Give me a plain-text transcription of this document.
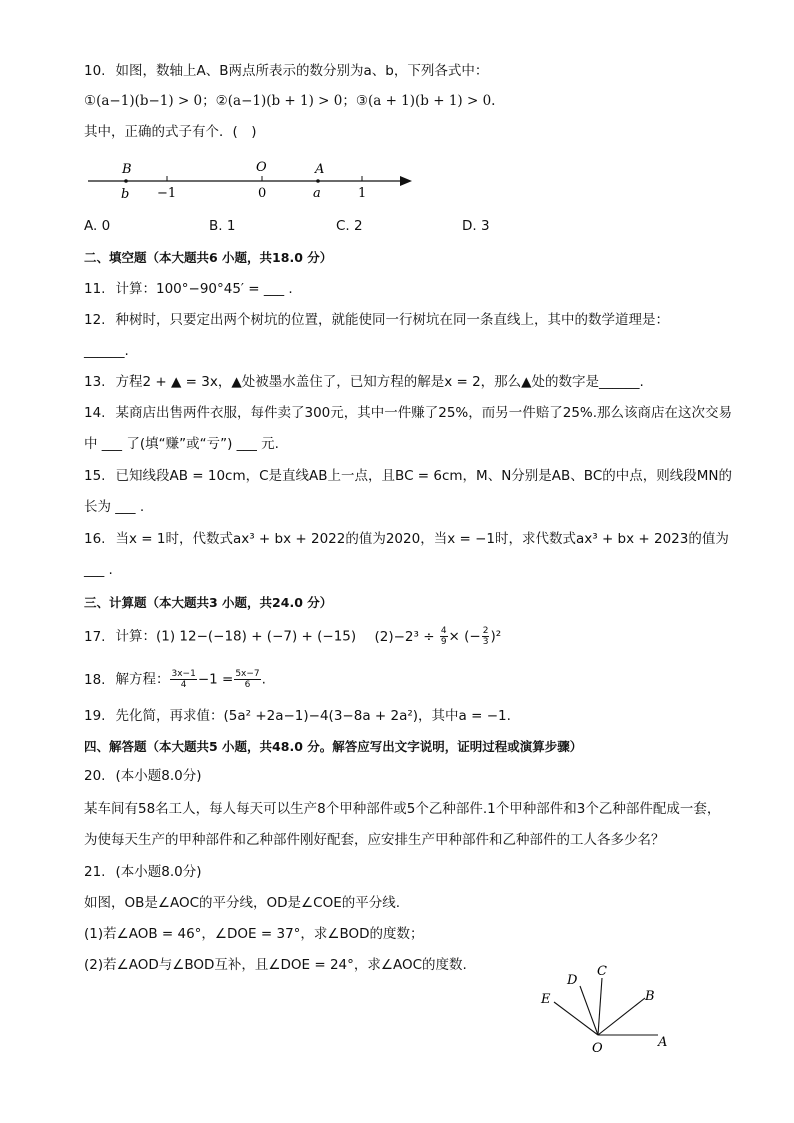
10. 如图，数轴上A、B两点所表示的数分别为a、b，下列各式中：
①(a−1)(b−1) > 0；②(a−1)(b + 1) > 0；③(a + 1)(b + 1) > 0.
其中，正确的式子有个．(　)
B	O	A
b −1	0	a	1
A. 0	B. 1	C. 2	D. 3
二、填空题（本大题共6 小题，共18.0 分）
11. 计算：100°−90°45′ = ___ .
12. 种树时，只要定出两个树坑的位置，就能使同一行树坑在同一条直线上，其中的数学道理是：
______.
13. 方程2 + ▲ = 3x，▲处被墨水盖住了，已知方程的解是x = 2，那么▲处的数字是______.
14. 某商店出售两件衣服，每件卖了300元，其中一件赚了25%，而另一件赔了25%.那么该商店在这次交易
中 ___ 了(填“赚”或“亏”) ___ 元.
15. 已知线段AB = 10cm，C是直线AB上一点，且BC = 6cm，M、N分别是AB、BC的中点，则线段MN的
长为 ___ .
16. 当x = 1时，代数式ax³ + bx + 2022的值为2020，当x = −1时，求代数式ax³ + bx + 2023的值为
___ .
三、计算题（本大题共3 小题，共24.0 分）
17. 计算：(1) 12−(−18) + (−7) + (−15) $(2)-2^3 \div \frac{4}{9}$ × (− $\frac{2}{3} )^2$
18. 解方程： $\frac{3x-1}{4} -1 = \frac{5x-7}{6}$ .
19. 先化简，再求值：(5a² +2a−1)−4(3−8a + 2a²)，其中a = −1.
四、解答题（本大题共5 小题，共48.0 分。解答应写出文字说明，证明过程或演算步骤）
20. (本小题8.0分)
某车间有58名工人，每人每天可以生产8个甲种部件或5个乙种部件.1个甲种部件和3个乙种部件配成一套，
为使每天生产的甲种部件和乙种部件刚好配套，应安排生产甲种部件和乙种部件的工人各多少名？
21. (本小题8.0分)
如图，OB是∠AOC的平分线，OD是∠COE的平分线.
(1)若∠AOB = 46°，∠DOE = 37°，求∠BOD的度数；
(2)若∠AOD与∠BOD互补，且∠DOE = 24°，求∠AOC的度数.	C
D
B
E
O	A
